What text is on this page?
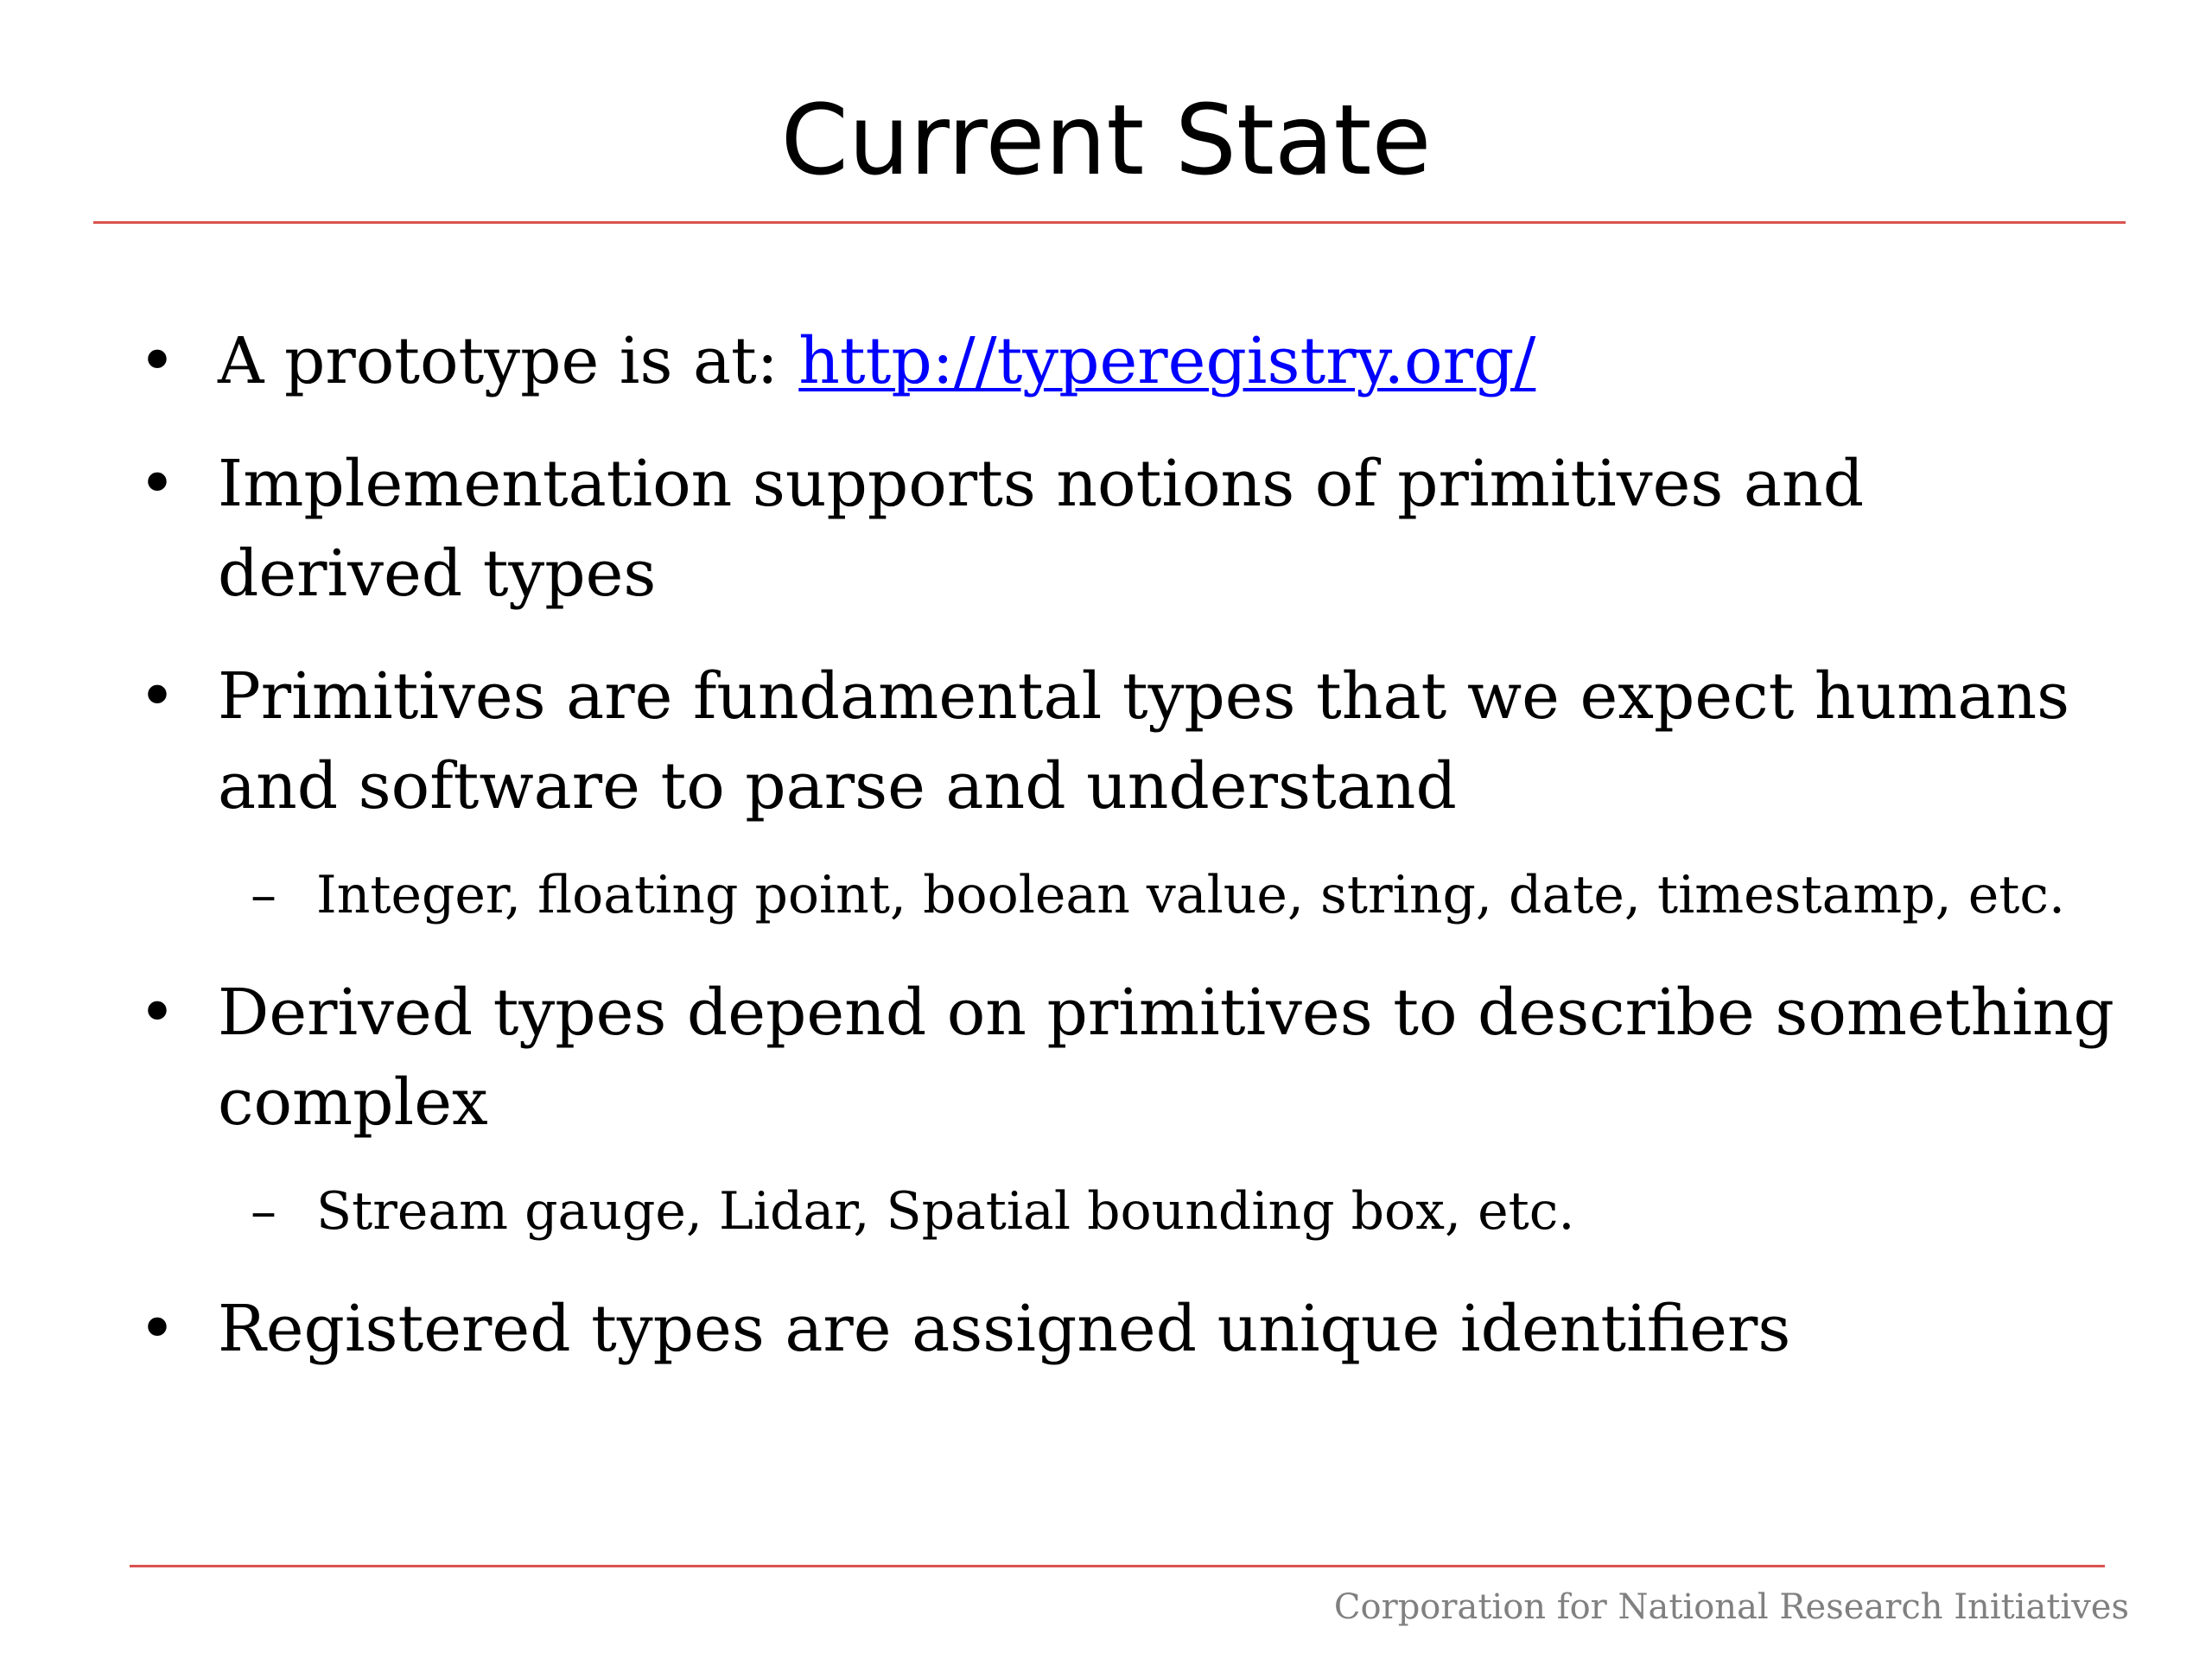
Current State
• A prototype is at: http://typeregistry.org/
• Implementation supports notions of primitives and derived types
• Primitives are fundamental types that we expect humans and software to parse and understand
– Integer, floating point, boolean value, string, date, timestamp, etc.
• Derived types depend on primitives to describe something complex
– Stream gauge, Lidar, Spatial bounding box, etc.
• Registered types are assigned unique identifiers
Corporation for National Research Initiatives
